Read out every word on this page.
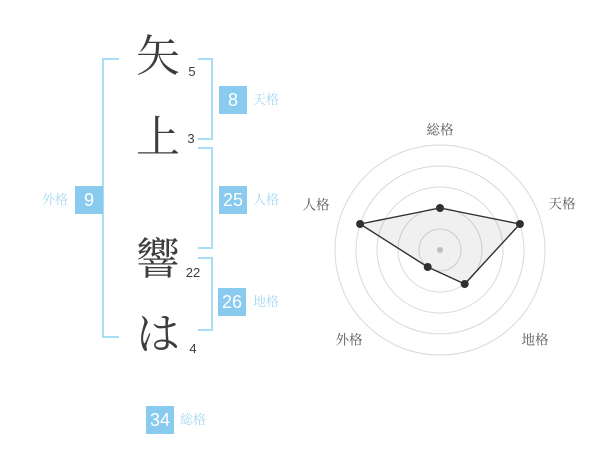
矢
上
響
は
5
3
22
4
8	天格
25 人格
26 地格
外格 9
34 総格
総格
天格
地格
外格
人格
